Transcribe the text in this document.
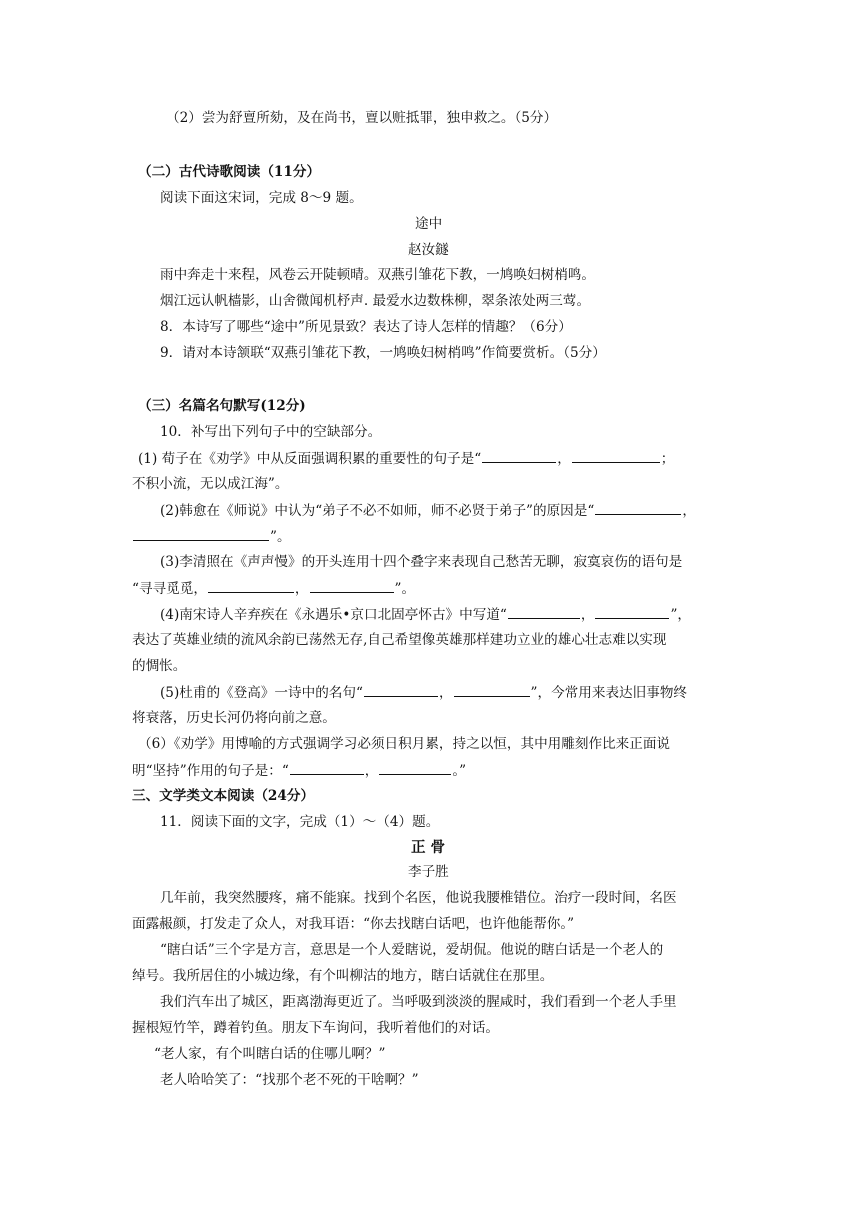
（2）尝为舒亶所劾，及在尚书，亶以赃抵罪，独申救之。（5分）
（二）古代诗歌阅读（11分）
阅读下面这宋词，完成 8～9 题。
途中
赵汝鐩
雨中奔走十来程，风卷云开陡顿晴。双燕引雏花下教，一鸠唤妇树梢鸣。
烟江远认帆樯影，山舍微闻机杼声. 最爱水边数株柳，翠条浓处两三莺。
8．本诗写了哪些“途中”所见景致？表达了诗人怎样的情趣？（6分）
9．请对本诗颔联“双燕引雏花下教，一鸠唤妇树梢鸣”作简要赏析。（5分）
（三）名篇名句默写(12分)
10．补写出下列句子中的空缺部分。
(1) 荀子在《劝学》中从反面强调积累的重要性的句子是“	，	；
不积小流，无以成江海”。
(2)韩愈在《师说》中认为“弟子不必不如师，师不必贤于弟子”的原因是“	，
”。
(3)李清照在《声声慢》的开头连用十四个叠字来表现自己愁苦无聊，寂寞哀伤的语句是
“寻寻觅觅，	，	”。
(4)南宋诗人辛弃疾在《永遇乐•京口北固亭怀古》中写道“	，	”，
表达了英雄业绩的流风余韵已荡然无存,自己希望像英雄那样建功立业的雄心壮志难以实现
的惆怅。
(5)杜甫的《登高》一诗中的名句“	，	”，今常用来表达旧事物终
将衰落，历史长河仍将向前之意。
（6）《劝学》用博喻的方式强调学习必须日积月累，持之以恒，其中用雕刻作比来正面说
明“坚持”作用的句子是：“	，	。”
三、文学类文本阅读（24分）
11．阅读下面的文字，完成（1）～（4）题。
正 骨
李子胜
几年前，我突然腰疼，痛不能寐。找到个名医，他说我腰椎错位。治疗一段时间，名医
面露赧颜，打发走了众人，对我耳语：“你去找瞎白话吧，也许他能帮你。”
“瞎白话”三个字是方言，意思是一个人爱瞎说，爱胡侃。他说的瞎白话是一个老人的
绰号。我所居住的小城边缘，有个叫柳沽的地方，瞎白话就住在那里。
我们汽车出了城区，距离渤海更近了。当呼吸到淡淡的腥咸时，我们看到一个老人手里
握根短竹竿，蹲着钓鱼。朋友下车询问，我听着他们的对话。
“老人家，有个叫瞎白话的住哪儿啊？”
老人哈哈笑了：“找那个老不死的干啥啊？”
